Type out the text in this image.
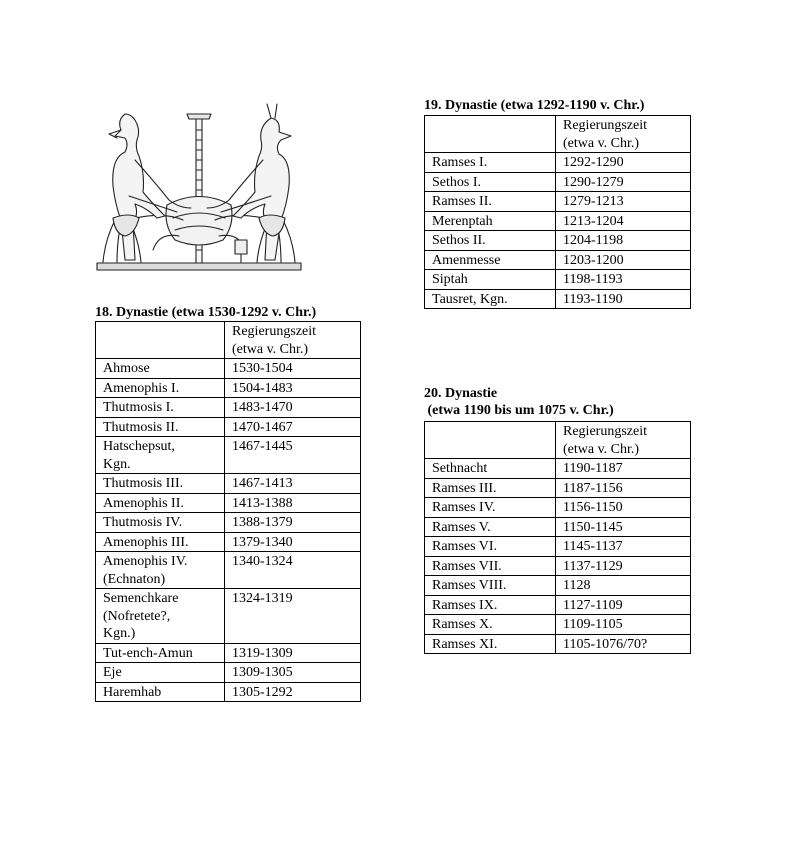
18. Dynastie (etwa 1530-1292 v. Chr.)
	Regierungszeit
(etwa v. Chr.)
Ahmose	1530-1504
Amenophis I.	1504-1483
Thutmosis I.	1483-1470
Thutmosis II.	1470-1467
Hatschepsut,
Kgn.	1467-1445
Thutmosis III.	1467-1413
Amenophis II.	1413-1388
Thutmosis IV.	1388-1379
Amenophis III.	1379-1340
Amenophis IV.
(Echnaton)	1340-1324
Semenchkare
(Nofretete?,
Kgn.)	1324-1319
Tut-ench-Amun	1319-1309
Eje	1309-1305
Haremhab	1305-1292
19. Dynastie (etwa 1292-1190 v. Chr.)
	Regierungszeit
(etwa v. Chr.)
Ramses I.	1292-1290
Sethos I.	1290-1279
Ramses II.	1279-1213
Merenptah	1213-1204
Sethos II.	1204-1198
Amenmesse	1203-1200
Siptah	1198-1193
Tausret, Kgn.	1193-1190
20. Dynastie
(etwa 1190 bis um 1075 v. Chr.)
	Regierungszeit
(etwa v. Chr.)
Sethnacht	1190-1187
Ramses III.	1187-1156
Ramses IV.	1156-1150
Ramses V.	1150-1145
Ramses VI.	1145-1137
Ramses VII.	1137-1129
Ramses VIII.	1128
Ramses IX.	1127-1109
Ramses X.	1109-1105
Ramses XI.	1105-1076/70?
